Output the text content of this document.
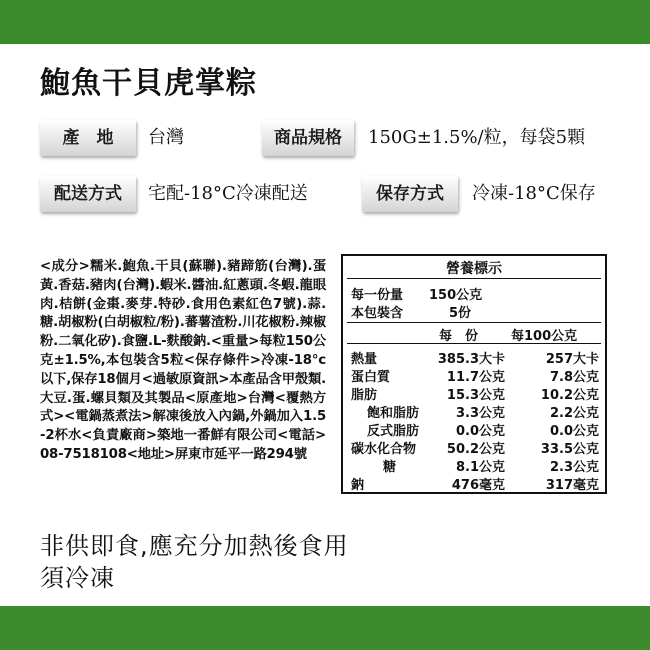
鮑魚干貝虎掌粽
產　地	台灣	商品規格	150G±1.5%/粒，每袋5顆
配送方式	宅配-18°C冷凍配送	保存方式	冷凍-18°C保存
<成分>糯米.鮑魚.干貝(蘇聯).豬蹄筋(台灣).蛋黃.香菇.豬肉(台灣).蝦米.醬油.紅蔥頭.冬蝦.龍眼肉.桔餅(金棗.麥芽.特砂.食用色素紅色7號).蒜.糖.胡椒粉(白胡椒粒/粉).蕃薯渣粉.川花椒粉.辣椒粉.二氧化矽).食鹽.L-麩酸鈉.<重量>每粒150公克±1.5%,本包裝含5粒<保存條件>冷凍-18°c以下,保存18個月<過敏原資訊>本產品含甲殼類.大豆.蛋.螺貝類及其製品<原產地>台灣<覆熱方式><電鍋蒸煮法>解凍後放入內鍋,外鍋加入1.5-2杯水<負責廠商>築地一番鮮有限公司<電話>08-7518108<地址>屏東市延平一路294號
營養標示
每一份量 150公克
本包裝含	5份
每　份	每100公克
熱量	385.3大卡	257大卡
蛋白質	11.7公克	7.8公克
脂肪	15.3公克	10.2公克
飽和脂肪	3.3公克	2.2公克
反式脂肪	0.0公克	0.0公克
碳水化合物 50.2公克	33.5公克
糖	8.1公克	2.3公克
鈉	476毫克	317毫克
非供即食,應充分加熱後食用
須冷凍
